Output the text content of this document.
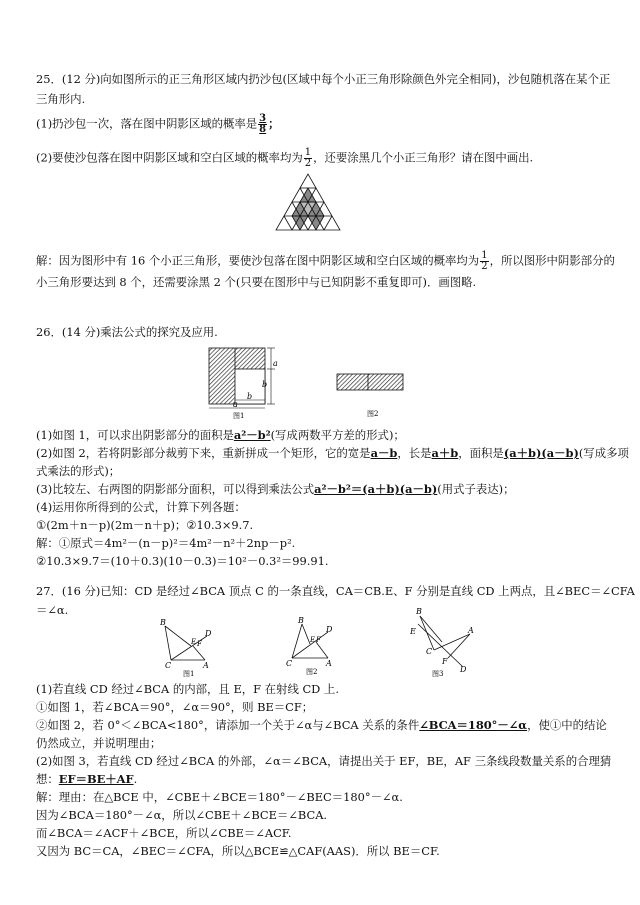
25．(12 分)向如图所示的正三角形区域内扔沙包(区域中每个小正三角形除颜色外完全相同)，沙包随机落在某个正
三角形内.
(1)扔沙包一次，落在图中阴影区域的概率是 $\frac{3}{8}$ ；
(2)要使沙包落在图中阴影区域和空白区域的概率均为 $\frac{1}{2}$ ，还要涂黑几个小正三角形？请在图中画出.
解：因为图形中有 16 个小正三角形，要使沙包落在图中阴影区域和空白区域的概率均为 $\frac{1}{2}$ ，所以图形中阴影部分的
小三角形要达到 8 个，还需要涂黑 2 个(只要在图形中与已知阴影不重复即可)．画图略.
26．(14 分)乘法公式的探究及应用.
a
b
b
a
图1	图2
(1)如图 1，可以求出阴影部分的面积是a²－b²(写成两数平方差的形式)；
(2)如图 2，若将阴影部分裁剪下来，重新拼成一个矩形，它的宽是a－b，长是a＋b，面积是(a＋b)(a－b)(写成多项
式乘法的形式)；
(3)比较左、右两图的阴影部分面积，可以得到乘法公式a²－b²＝(a＋b)(a－b)(用式子表达)；
(4)运用你所得到的公式，计算下列各题：
①(2m＋n－p)(2m－n＋p)；②10.3×9.7.
解：①原式＝4m²－(n－p)²＝4m²－n²＋2np－p².
②10.3×9.7＝(10＋0.3)(10－0.3)＝10²－0.3²＝99.91.
27．(16 分)已知：CD 是经过∠BCA 顶点 C 的一条直线，CA＝CB.E、F 分别是直线 CD 上两点，且∠BEC＝∠CFA
＝∠α.
B
C	A
D
E F
图1
B
C	A
D
E F
图2
B
E
C
A
F
D
图3
(1)若直线 CD 经过∠BCA 的内部，且 E，F 在射线 CD 上.
①如图 1，若∠BCA＝90°，∠α＝90°，则 BE＝CF；
②如图 2，若 0°＜∠BCA<180°，请添加一个关于∠α与∠BCA 关系的条件∠BCA＝180°－∠α，使①中的结论
仍然成立，并说明理由；
(2)如图 3，若直线 CD 经过∠BCA 的外部，∠α＝∠BCA，请提出关于 EF，BE，AF 三条线段数量关系的合理猜
想：EF＝BE＋AF.
解：理由：在△BCE 中，∠CBE＋∠BCE＝180°－∠BEC＝180°－∠α.
因为∠BCA＝180°－∠α，所以∠CBE＋∠BCE＝∠BCA.
而∠BCA＝∠ACF＋∠BCE，所以∠CBE＝∠ACF.
又因为 BC＝CA，∠BEC＝∠CFA，所以△BCE≌△CAF(AAS)．所以 BE＝CF.
